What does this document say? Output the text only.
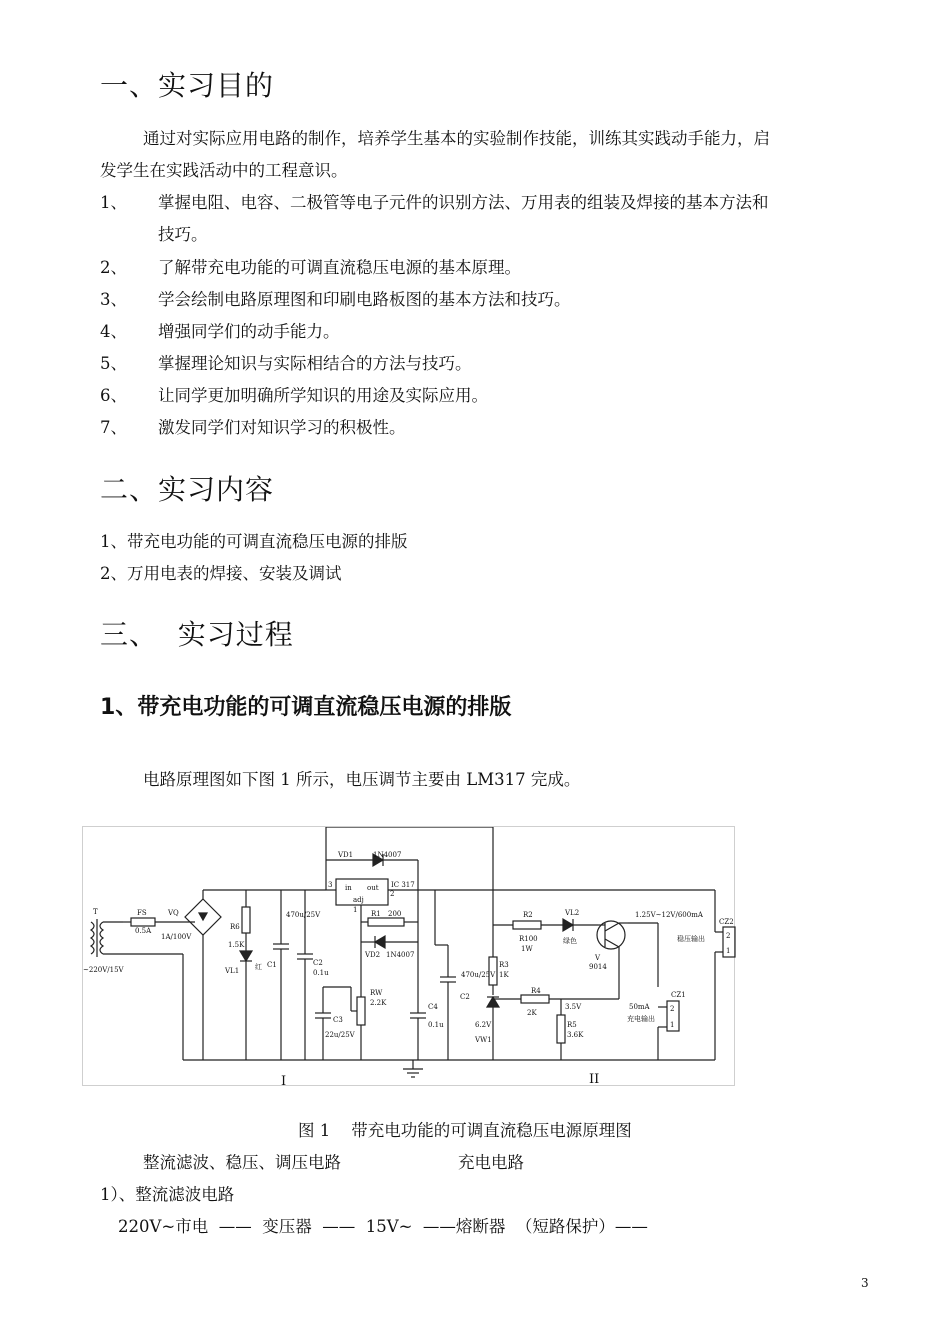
一、实习目的
通过对实际应用电路的制作，培养学生基本的实验制作技能，训练其实践动手能力，启
发学生在实践活动中的工程意识。
1、 掌握电阻、电容、二极管等电子元件的识别方法、万用表的组装及焊接的基本方法和
技巧。
2、 了解带充电功能的可调直流稳压电源的基本原理。
3、 学会绘制电路原理图和印刷电路板图的基本方法和技巧。
4、 增强同学们的动手能力。
5、 掌握理论知识与实际相结合的方法与技巧。
6、 让同学更加明确所学知识的用途及实际应用。
7、 激发同学们对知识学习的积极性。
二、实习内容
1、带充电功能的可调直流稳压电源的排版
2、万用电表的焊接、安装及调试
三、  实习过程
1、带充电功能的可调直流稳压电源的排版
电路原理图如下图 1 所示，电压调节主要由 LM317 完成。
VD1	1N4007
3 in out
adj
IC 317
2
1 R1 200
VD2 1N4007
T	FS
0.5A
VQ
1A/100V
~220V/15V
R6
1.5K
VL1 红 C1
470u/25V
C2
0.1u
C3
22u/25V
RW
2.2K	C4
0.1u
C2
470u/25V
R3
1K
6.2V
VW1
R2
R100
1W
VL2
绿色
V
9014
R4
2K
3.5V
R5
3.6K
1.25V~12V/600mA
CZ2
2
1
稳压输出
CZ1
2
1
50mA
充电输出
I	II
图 1    带充电功能的可调直流稳压电源原理图
整流滤波、稳压、调压电路	充电电路
1）、整流滤波电路
220V~市电  ——  变压器  ——  15V~  ——熔断器  （短路保护）——
3
